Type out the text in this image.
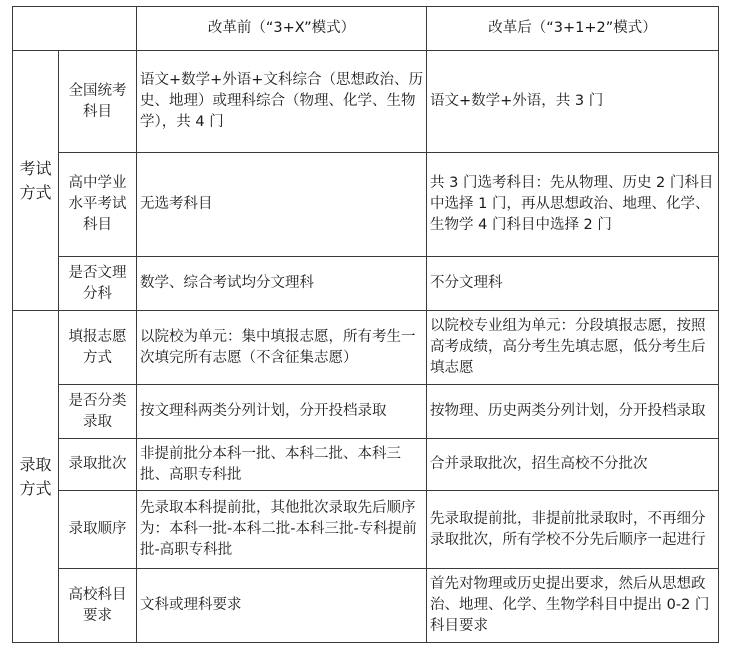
		改革前（“3+X”模式）	改革后（“3+1+2”模式）
考试方式	全国统考科目	语文+数学+外语+文科综合（思想政治、历史、地理）或理科综合（物理、化学、生物学），共 4 门	语文+数学+外语，共 3 门
	高中学业水平考试科目	无选考科目	共 3 门选考科目：先从物理、历史 2 门科目中选择 1 门，再从思想政治、地理、化学、生物学 4 门科目中选择 2 门
	是否文理分科	数学、综合考试均分文理科	不分文理科
录取方式	填报志愿方式	以院校为单元：集中填报志愿，所有考生一次填完所有志愿（不含征集志愿）	以院校专业组为单元：分段填报志愿，按照高考成绩，高分考生先填志愿，低分考生后填志愿
	是否分类录取	按文理科两类分列计划，分开投档录取	按物理、历史两类分列计划，分开投档录取
	录取批次	非提前批分本科一批、本科二批、本科三批、高职专科批	合并录取批次，招生高校不分批次
	录取顺序	先录取本科提前批，其他批次录取先后顺序为：本科一批-本科二批-本科三批-专科提前批-高职专科批	先录取提前批，非提前批录取时，不再细分录取批次，所有学校不分先后顺序一起进行
	高校科目要求	文科或理科要求	首先对物理或历史提出要求，然后从思想政治、地理、化学、生物学科目中提出 0-2 门科目要求
